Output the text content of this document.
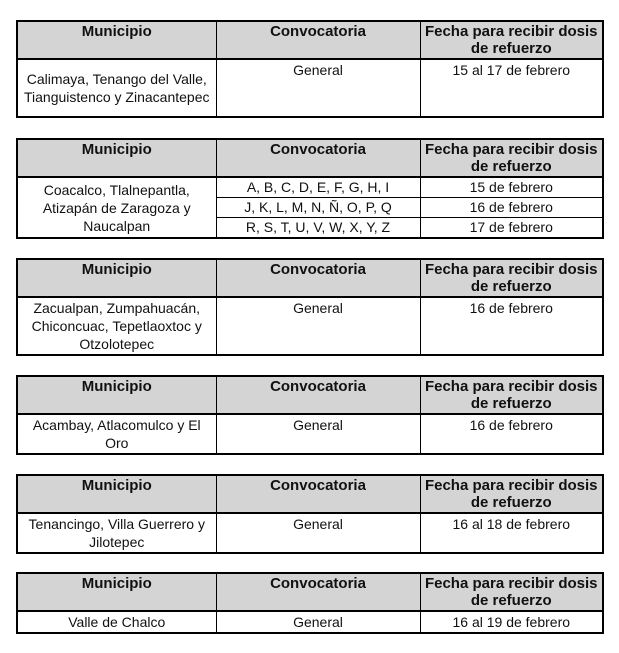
Municipio	Convocatoria	Fecha para recibir dosis de refuerzo
Calimaya, Tenango del Valle, Tianguistenco y Zinacantepec	General	15 al 17 de febrero
Municipio	Convocatoria	Fecha para recibir dosis de refuerzo
Coacalco, Tlalnepantla, Atizapán de Zaragoza y Naucalpan	A, B, C, D, E, F, G, H, I	15 de febrero
	J, K, L, M, N, Ñ, O, P, Q	16 de febrero
	R, S, T, U, V, W, X, Y, Z	17 de febrero
Municipio	Convocatoria	Fecha para recibir dosis de refuerzo
Zacualpan, Zumpahuacán, Chiconcuac, Tepetlaoxtoc y Otzolotepec	General	16 de febrero
Municipio	Convocatoria	Fecha para recibir dosis de refuerzo
Acambay, Atlacomulco y El Oro	General	16 de febrero
Municipio	Convocatoria	Fecha para recibir dosis de refuerzo
Tenancingo, Villa Guerrero y Jilotepec	General	16 al 18 de febrero
Municipio	Convocatoria	Fecha para recibir dosis de refuerzo
Valle de Chalco	General	16 al 19 de febrero
